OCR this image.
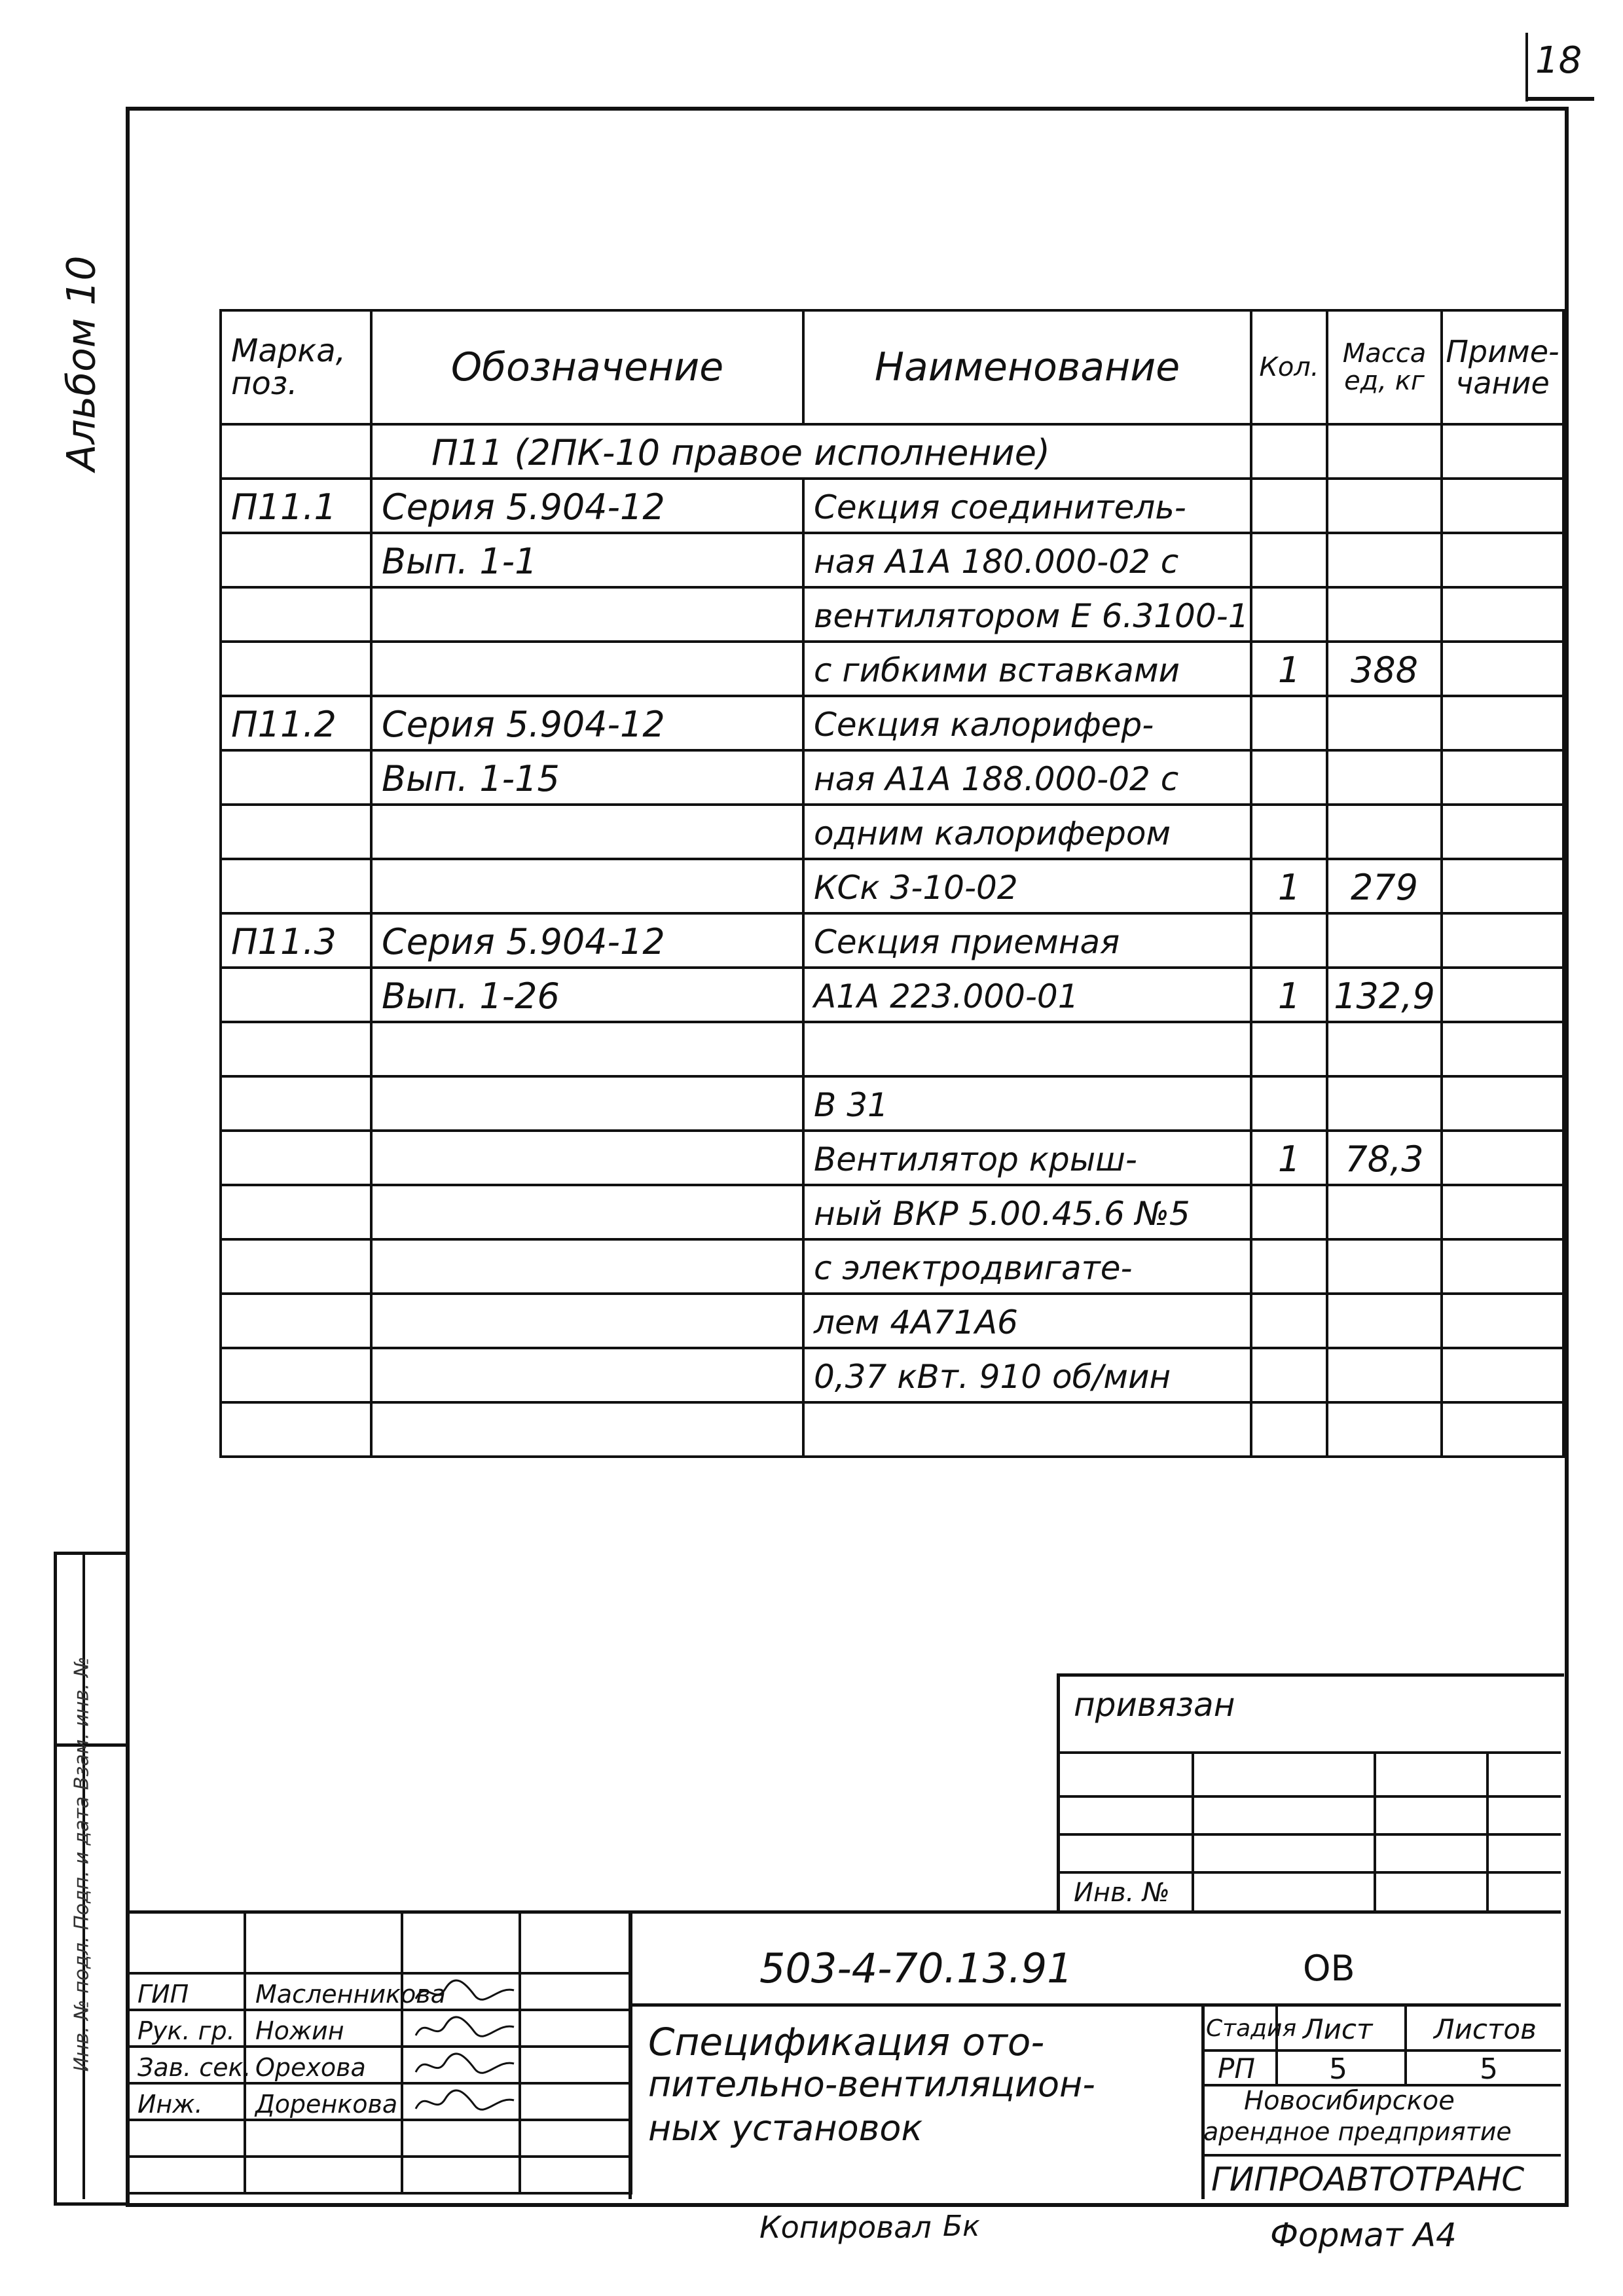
18
Альбом 10
Инв. № подл. Подп. и дата Взам. инв. №
Марка, поз.	Обозначение	Наименование	Кол.	Масса ед, кг	Приме-чание
	П11 (2ПК-10 правое исполнение)				
П11.1	Серия 5.904-12	Секция соединитель-			
	Вып. 1-1	ная А1А 180.000-02 с			
		вентилятором Е 6.3100-1			
		с гибкими вставками	1	388	
П11.2	Серия 5.904-12	Секция калорифер-			
	Вып. 1-15	ная А1А 188.000-02 с			
		одним калорифером			
		КСк 3-10-02	1	279	
П11.3	Серия 5.904-12	Секция приемная			
	Вып. 1-26	А1А 223.000-01	1	132,9	

		В 31			
		Вентилятор крыш-	1	78,3	
		ный ВКР 5.00.45.6 №5			
		с электродвигате-			
		лем 4А71А6			
		0,37 кВт. 910 об/мин			

привязан
Инв. №

ГИП	Масленникова	

Рук. гр.	Ножин	

Зав. сек.	Орехова	

Инж.	Доренкова	

503-4-70.13.91	ОВ
Спецификация ото-
пительно-вентиляцион-
ных установок
Стадия Лист Листов
РП	5	5
Новосибирское
арендное предприятие
ГИПРОАВТОТРАНС
Копировал Бк	Формат А4
